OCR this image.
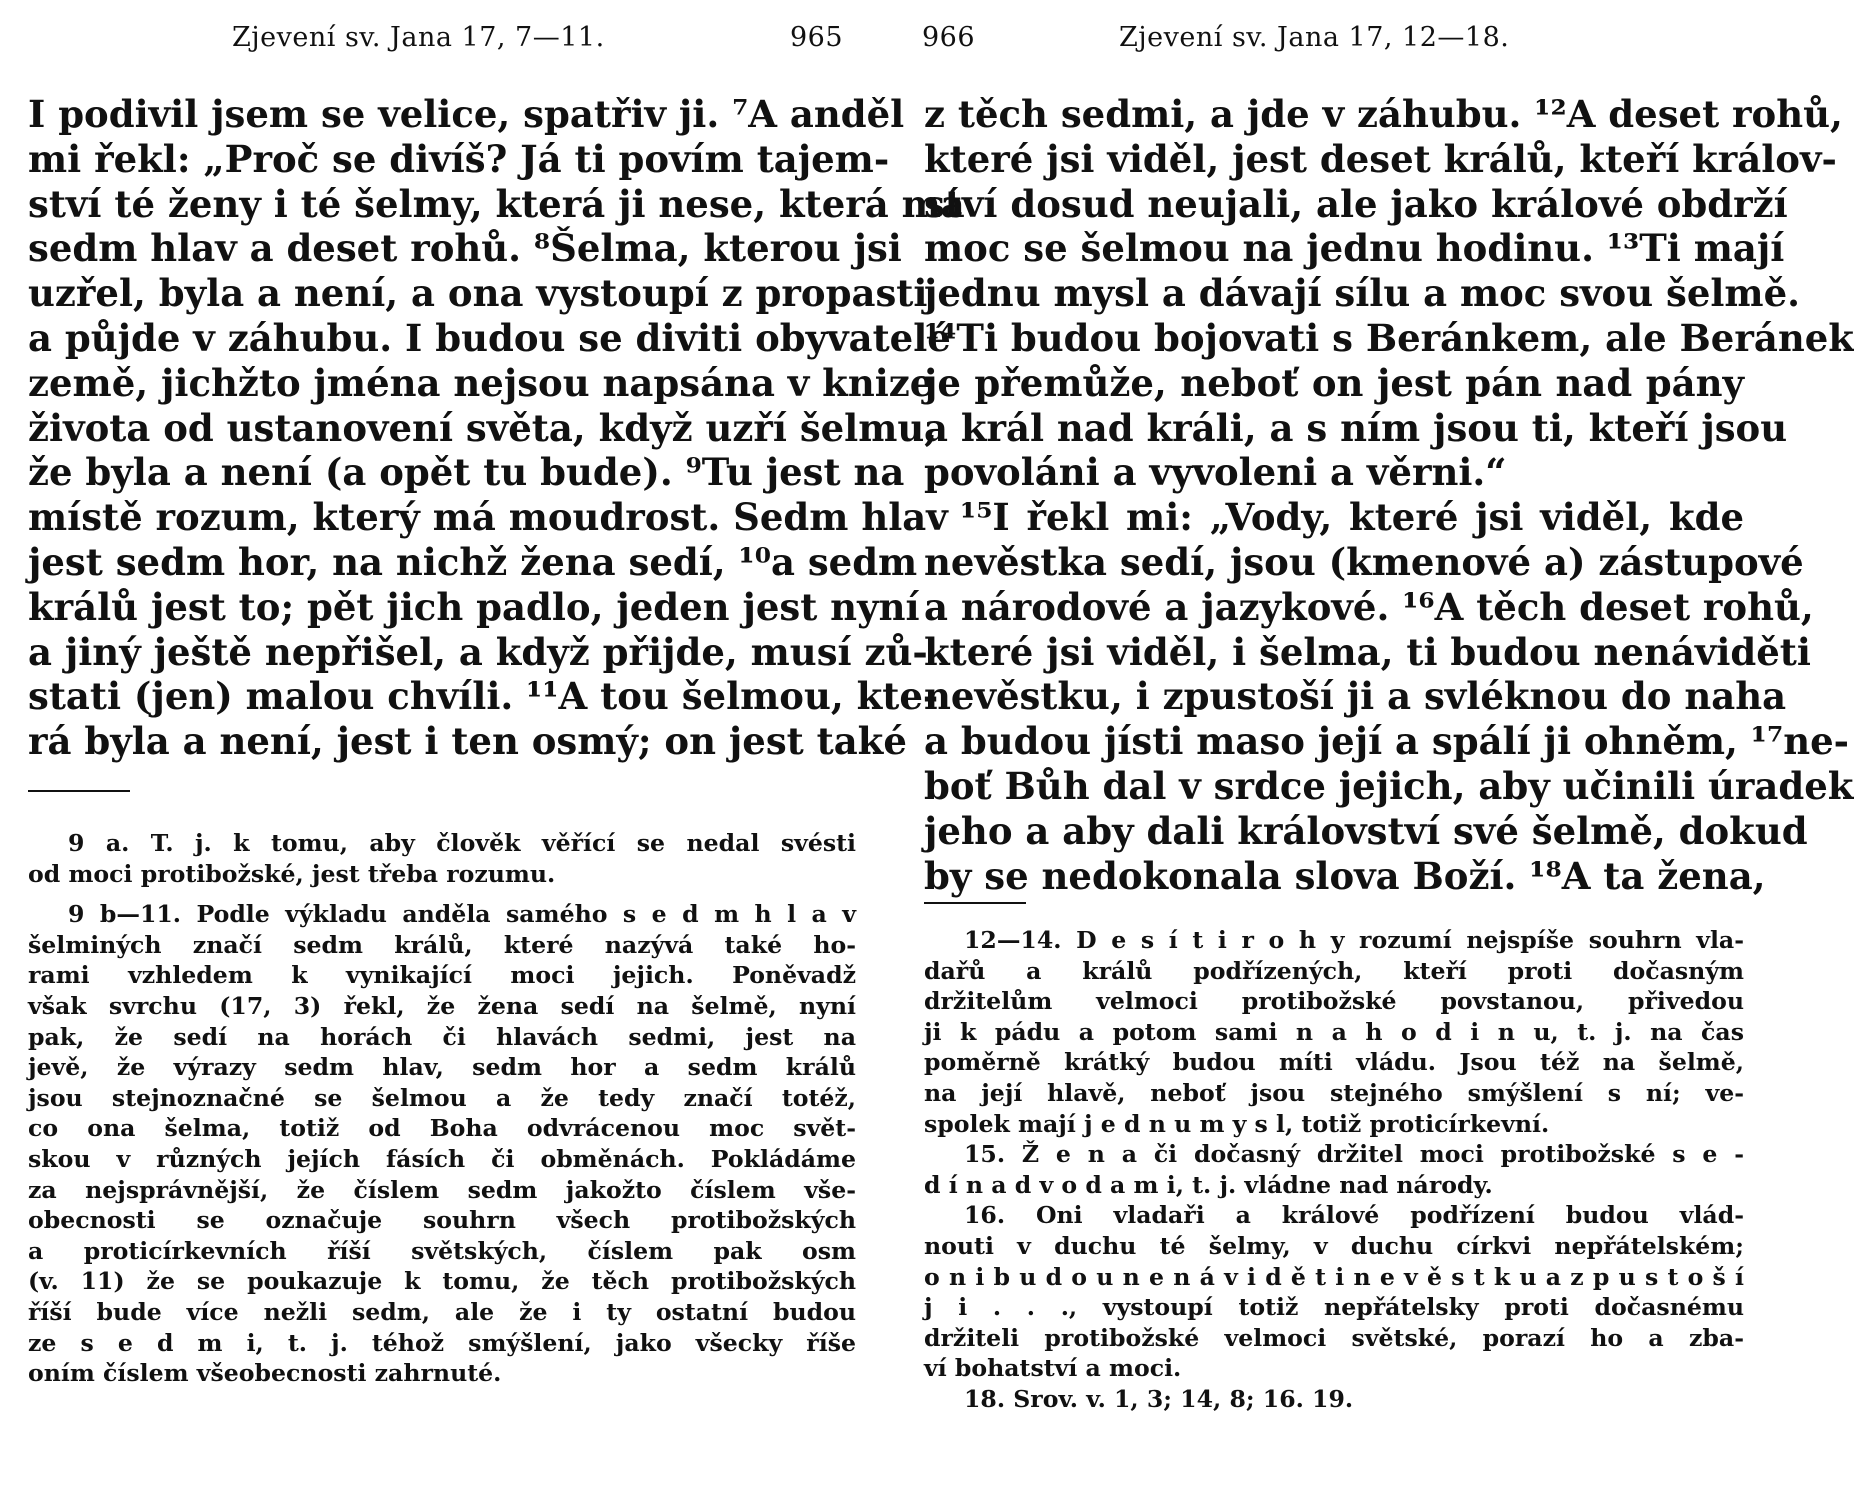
Zjevení sv. Jana 17, 7—11.	965
I podivil jsem se velice, spatřiv ji. ⁷A anděl
mi řekl: „Proč se divíš? Já ti povím tajem-
ství té ženy i té šelmy, která ji nese, která má
sedm hlav a deset rohů. ⁸Šelma, kterou jsi
uzřel, byla a není, a ona vystoupí z propasti
a půjde v záhubu. I budou se diviti obyvatelé
země, jichžto jména nejsou napsána v knize
života od ustanovení světa, když uzří šelmu,
že byla a není (a opět tu bude). ⁹Tu jest na
místě rozum, který má moudrost. Sedm hlav
jest sedm hor, na nichž žena sedí, ¹⁰a sedm
králů jest to; pět jich padlo, jeden jest nyní
a jiný ještě nepřišel, a když přijde, musí zů-
stati (jen) malou chvíli. ¹¹A tou šelmou, kte-
rá byla a není, jest i ten osmý; on jest také
9 a. T. j. k tomu, aby člověk věřící se nedal svésti
od moci protibožské, jest třeba rozumu.
9 b—11. Podle výkladu anděla samého s e d m h l a v
šelminých značí sedm králů, které nazývá také ho-
rami vzhledem k vynikající moci jejich. Poněvadž
však svrchu (17, 3) řekl, že žena sedí na šelmě, nyní
pak, že sedí na horách či hlavách sedmi, jest na
jevě, že výrazy sedm hlav, sedm hor a sedm králů
jsou stejnoznačné se šelmou a že tedy značí totéž,
co ona šelma, totiž od Boha odvrácenou moc svět-
skou v různých jejích fásích či obměnách. Pokládáme
za nejsprávnější, že číslem sedm jakožto číslem vše-
obecnosti se označuje souhrn všech protibožských
a proticírkevních říší světských, číslem pak osm
(v. 11) že se poukazuje k tomu, že těch protibožských
říší bude více nežli sedm, ale že i ty ostatní budou
ze s e d m i, t. j. téhož smýšlení, jako všecky říše
oním číslem všeobecnosti zahrnuté.
966	Zjevení sv. Jana 17, 12—18.
z těch sedmi, a jde v záhubu. ¹²A deset rohů,
které jsi viděl, jest deset králů, kteří králov-
ství dosud neujali, ale jako králové obdrží
moc se šelmou na jednu hodinu. ¹³Ti mají
jednu mysl a dávají sílu a moc svou šelmě.
¹⁴Ti budou bojovati s Beránkem, ale Beránek
je přemůže, neboť on jest pán nad pány
a král nad králi, a s ním jsou ti, kteří jsou
povoláni a vyvoleni a věrni.“
¹⁵I řekl mi: „Vody, které jsi viděl, kde
nevěstka sedí, jsou (kmenové a) zástupové
a národové a jazykové. ¹⁶A těch deset rohů,
které jsi viděl, i šelma, ti budou nenáviděti
nevěstku, i zpustoší ji a svléknou do naha
a budou jísti maso její a spálí ji ohněm, ¹⁷ne-
boť Bůh dal v srdce jejich, aby učinili úradek
jeho a aby dali království své šelmě, dokud
by se nedokonala slova Boží. ¹⁸A ta žena,
12—14. D e s í t i r o h y rozumí nejspíše souhrn vla-
dařů a králů podřízených, kteří proti dočasným
držitelům velmoci protibožské povstanou, přivedou
ji k pádu a potom sami n a h o d i n u, t. j. na čas
poměrně krátký budou míti vládu. Jsou též na šelmě,
na její hlavě, neboť jsou stejného smýšlení s ní; ve-
spolek mají j e d n u m y s l, totiž proticírkevní.
15. Ž e n a či dočasný držitel moci protibožské s e -
d í n a d v o d a m i, t. j. vládne nad národy.
16. Oni vladaři a králové podřízení budou vlád-
nouti v duchu té šelmy, v duchu církvi nepřátelském;
o n i b u d o u n e n á v i d ě t i n e v ě s t k u a z p u s t o š í
j i . . ., vystoupí totiž nepřátelsky proti dočasnému
držiteli protibožské velmoci světské, porazí ho a zba-
ví bohatství a moci.
18. Srov. v. 1, 3; 14, 8; 16. 19.
